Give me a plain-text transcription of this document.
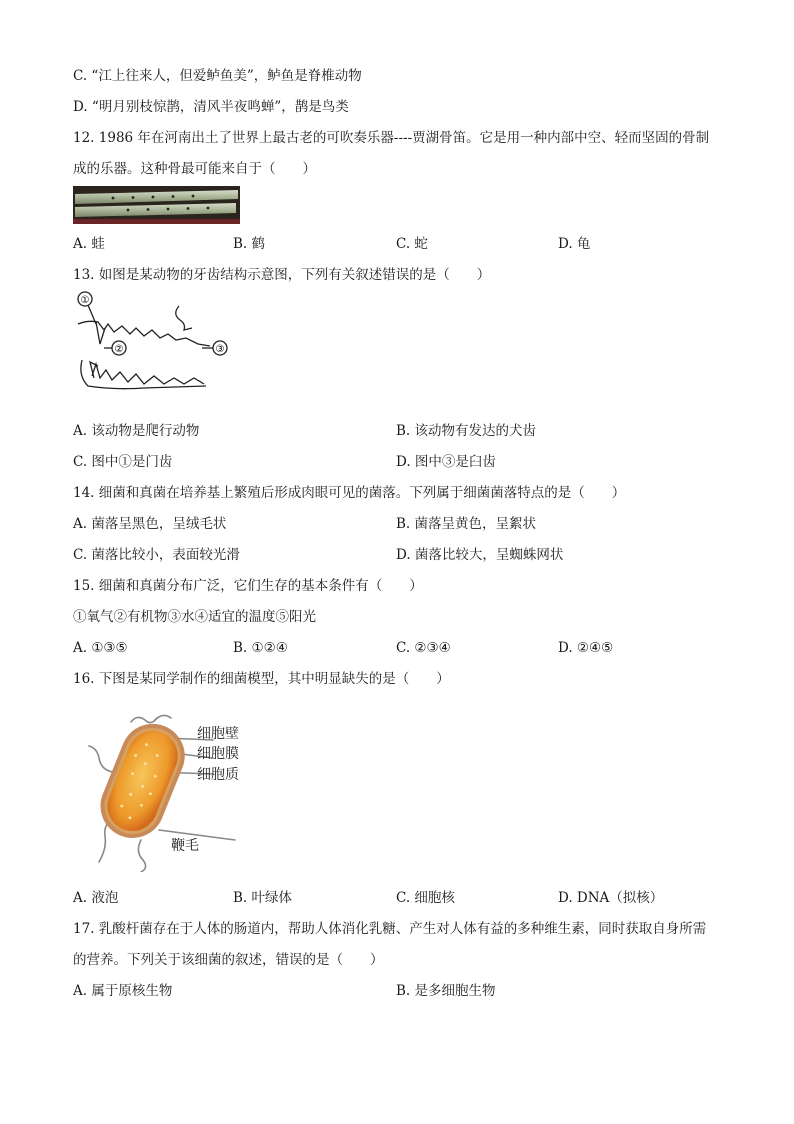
C. “江上往来人，但爱鲈鱼美”，鲈鱼是脊椎动物
D. “明月别枝惊鹊，清风半夜鸣蝉”，鹊是鸟类
12. 1986 年在河南出土了世界上最古老的可吹奏乐器----贾湖骨笛。它是用一种内部中空、轻而坚固的骨制
成的乐器。这种骨最可能来自于（　　）
A. 蛙	B. 鹤	C. 蛇	D. 龟
13. 如图是某动物的牙齿结构示意图，下列有关叙述错误的是（　　）
①
②	③
A. 该动物是爬行动物	B. 该动物有发达的犬齿
C. 图中①是门齿	D. 图中③是臼齿
14. 细菌和真菌在培养基上繁殖后形成肉眼可见的菌落。下列属于细菌菌落特点的是（　　）
A. 菌落呈黑色，呈绒毛状	B. 菌落呈黄色，呈絮状
C. 菌落比较小，表面较光滑	D. 菌落比较大，呈蜘蛛网状
15. 细菌和真菌分布广泛，它们生存的基本条件有（　　）
①氧气②有机物③水④适宜的温度⑤阳光
A. ①③⑤	B. ①②④	C. ②③④	D. ②④⑤
16. 下图是某同学制作的细菌模型，其中明显缺失的是（　　）
细胞壁
细胞膜
细胞质
鞭毛
A. 液泡	B. 叶绿体	C. 细胞核	D. DNA（拟核）
17. 乳酸杆菌存在于人体的肠道内，帮助人体消化乳糖、产生对人体有益的多种维生素，同时获取自身所需
的营养。下列关于该细菌的叙述，错误的是（　　）
A. 属于原核生物	B. 是多细胞生物
